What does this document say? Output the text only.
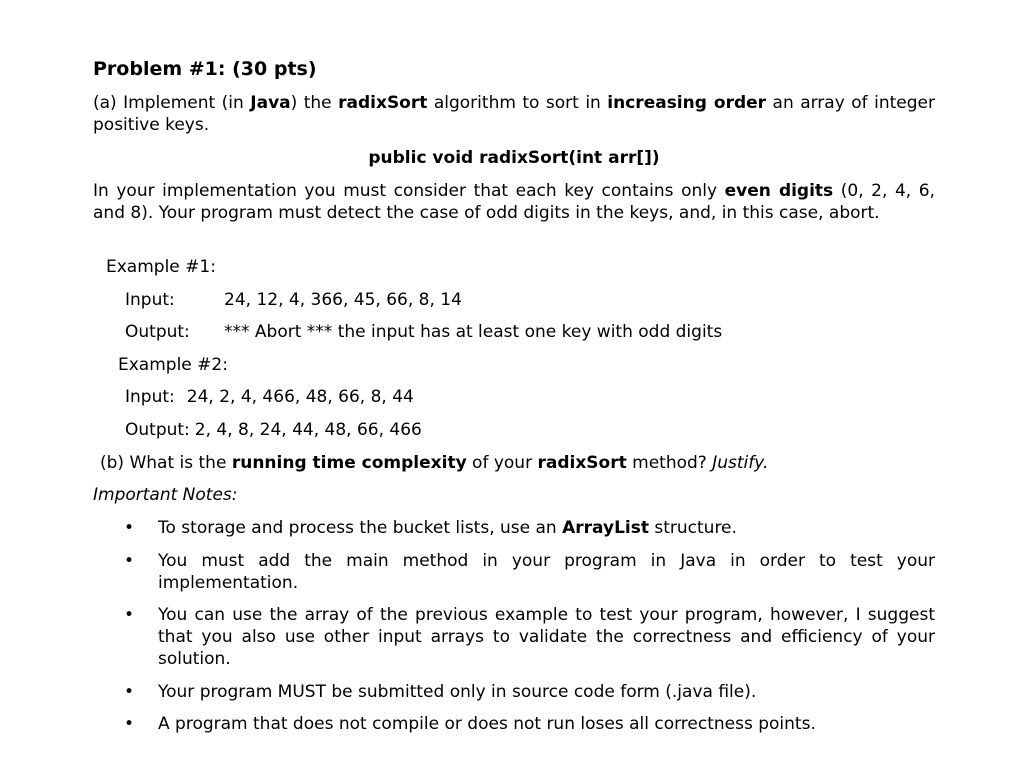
Problem #1: (30 pts)
(a) Implement (in Java) the radixSort algorithm to sort in increasing order an array of integer positive keys.
public void radixSort(int arr[])
In your implementation you must consider that each key contains only even digits (0, 2, 4, 6, and 8). Your program must detect the case of odd digits in the keys, and, in this case, abort.
Example #1:
Input:	24, 12, 4, 366, 45, 66, 8, 14
Output: *** Abort *** the input has at least one key with odd digits
Example #2:
Input: 24, 2, 4, 466, 48, 66, 8, 44
Output: 2, 4, 8, 24, 44, 48, 66, 466
(b) What is the running time complexity of your radixSort method? Justify.
Important Notes:
• To storage and process the bucket lists, use an ArrayList structure.
• You must add the main method in your program in Java in order to test your implementation.
• You can use the array of the previous example to test your program, however, I suggest that you also use other input arrays to validate the correctness and efficiency of your solution.
• Your program MUST be submitted only in source code form (.java file).
• A program that does not compile or does not run loses all correctness points.
